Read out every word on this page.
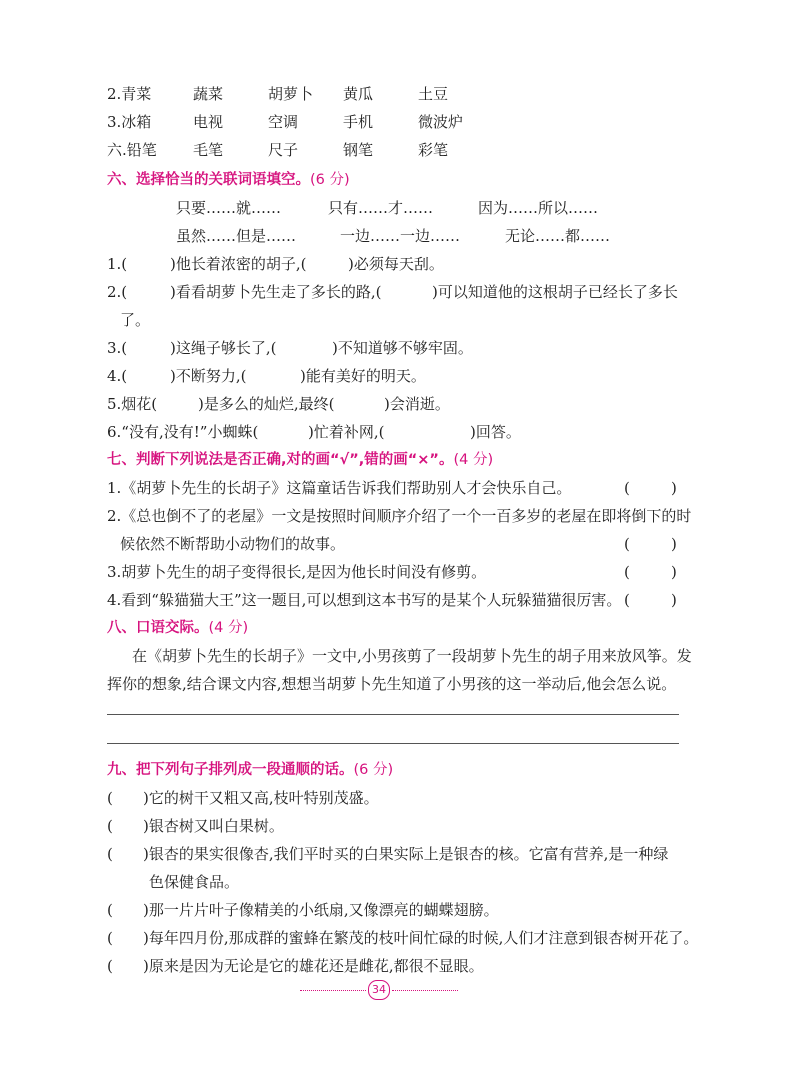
2.青菜	蔬菜	胡萝卜 黄瓜	土豆
3.冰箱	电视	空调	手机	微波炉
六.铅笔 毛笔	尺子	钢笔	彩笔
六、选择恰当的关联词语填空。(6 分)
只要……就……	只有……才……	因为……所以……
虽然……但是……	一边……一边……	无论……都……
1.(	)他长着浓密的胡子,(	)必须每天刮。
2.(	)看看胡萝卜先生走了多长的路,(	)可以知道他的这根胡子已经长了多长
了。
3.(	)这绳子够长了,(	)不知道够不够牢固。
4.(	)不断努力,(	)能有美好的明天。
5.烟花(	)是多么的灿烂,最终(	)会消逝。
6.“没有,没有!”小蜘蛛(	)忙着补网,(	)回答。
七、判断下列说法是否正确,对的画“√”,错的画“×”。(4 分)
1.《胡萝卜先生的长胡子》这篇童话告诉我们帮助别人才会快乐自己。	(	)
2.《总也倒不了的老屋》一文是按照时间顺序介绍了一个一百多岁的老屋在即将倒下的时
候依然不断帮助小动物们的故事。	(	)
3.胡萝卜先生的胡子变得很长,是因为他长时间没有修剪。	(	)
4.看到“躲猫猫大王”这一题目,可以想到这本书写的是某个人玩躲猫猫很厉害。 (	)
八、口语交际。(4 分)
在《胡萝卜先生的长胡子》一文中,小男孩剪了一段胡萝卜先生的胡子用来放风筝。发
挥你的想象,结合课文内容,想想当胡萝卜先生知道了小男孩的这一举动后,他会怎么说。
九、把下列句子排列成一段通顺的话。(6 分)
( )它的树干又粗又高,枝叶特别茂盛。
( )银杏树又叫白果树。
( )银杏的果实很像杏,我们平时买的白果实际上是银杏的核。它富有营养,是一种绿
色保健食品。
( )那一片片叶子像精美的小纸扇,又像漂亮的蝴蝶翅膀。
( )每年四月份,那成群的蜜蜂在繁茂的枝叶间忙碌的时候,人们才注意到银杏树开花了。
( )原来是因为无论是它的雄花还是雌花,都很不显眼。
34
